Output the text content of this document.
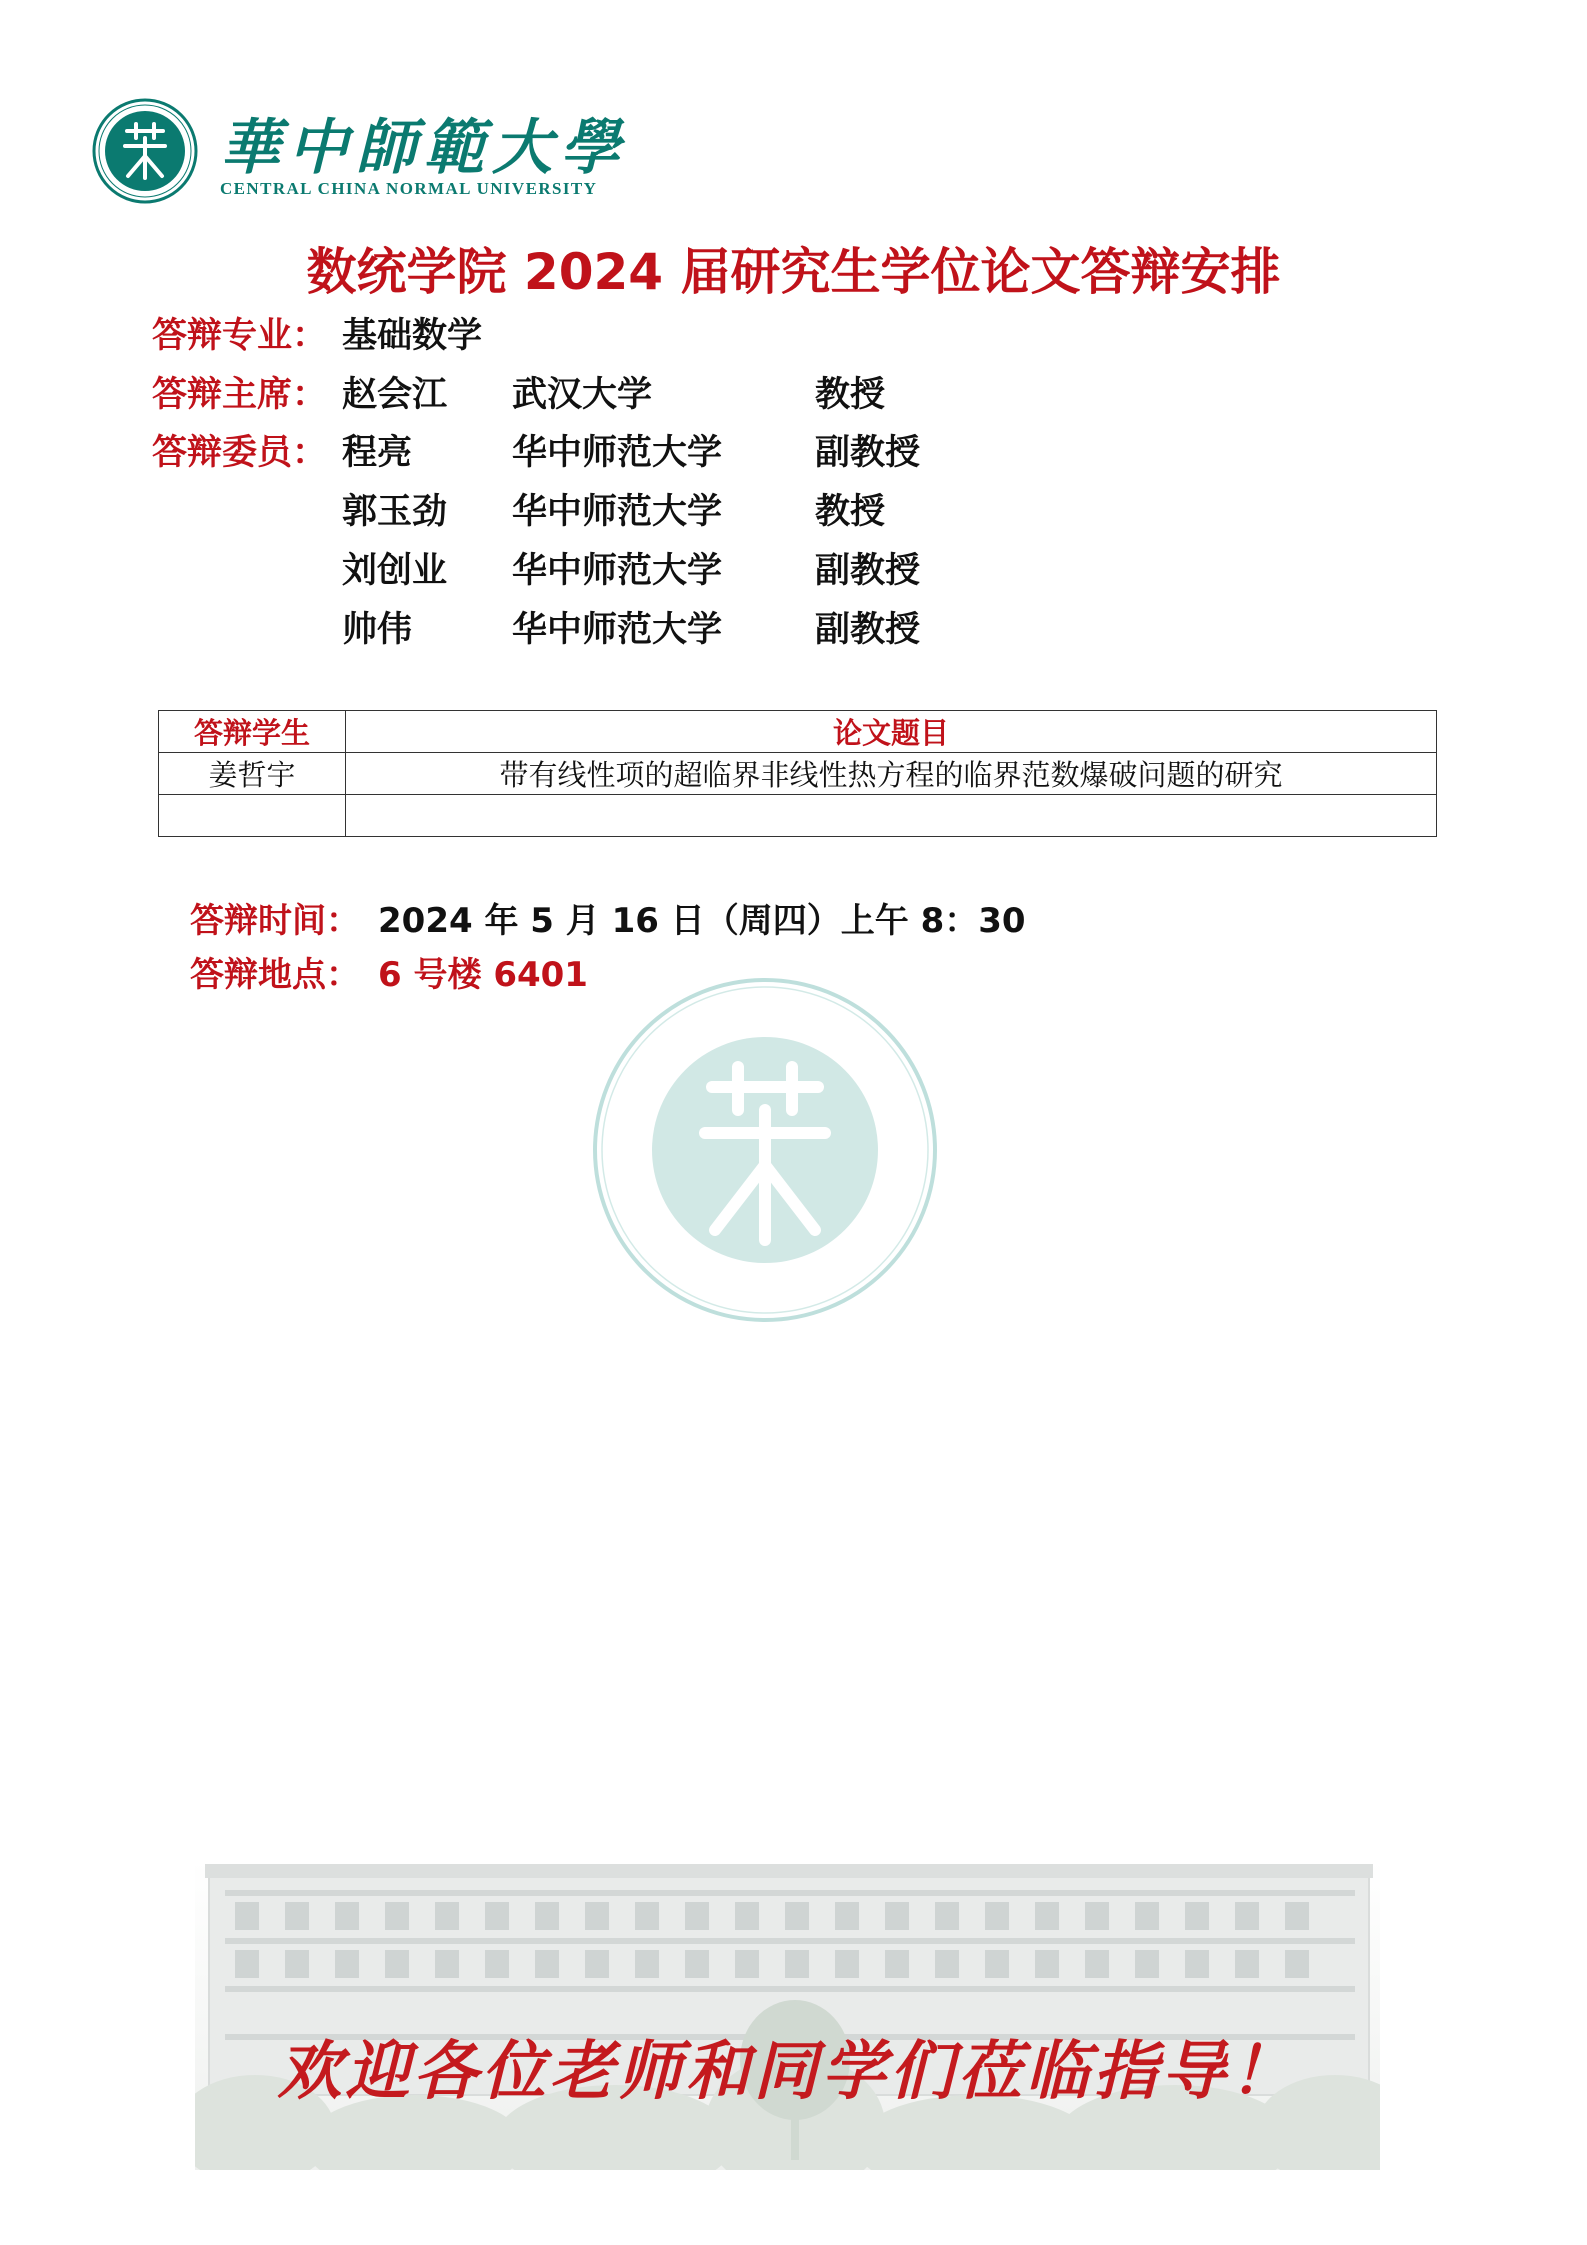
華中師範大學
CENTRAL CHINA NORMAL UNIVERSITY
数统学院 2024 届研究生学位论文答辩安排
答辩专业： 基础数学
答辩主席： 赵会江 武汉大学	教授
答辩委员： 程亮	华中师范大学	副教授
郭玉劲 华中师范大学	教授
刘创业 华中师范大学	副教授
帅伟	华中师范大学	副教授
答辩学生	论文题目
姜哲宇	带有线性项的超临界非线性热方程的临界范数爆破问题的研究

答辩时间： 2024 年 5 月 16 日（周四）上午 8：30
答辩地点： 6 号楼 6401
欢迎各位老师和同学们莅临指导！
